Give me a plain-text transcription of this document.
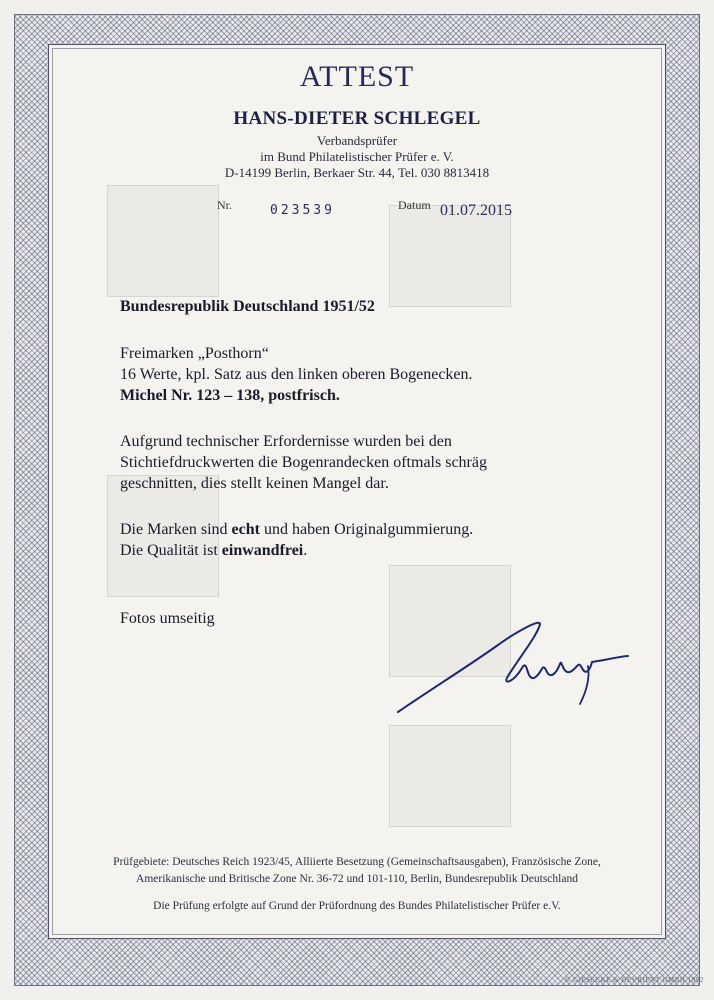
ATTEST
HANS-DIETER SCHLEGEL
Verbandsprüfer
im Bund Philatelistischer Prüfer e. V.
D-14199 Berlin, Berkaer Str. 44, Tel. 030 8813418
Nr.	023539	Datum 01.07.2015
Bundesrepublik Deutschland 1951/52
Freimarken „Posthorn“
16 Werte, kpl. Satz aus den linken oberen Bogenecken.
Michel Nr. 123 – 138, postfrisch.
Aufgrund technischer Erfordernisse wurden bei den
Stichtiefdruckwerten die Bogenrandecken oftmals schräg
geschnitten, dies stellt keinen Mangel dar.
Die Marken sind echt und haben Originalgummierung.
Die Qualität ist einwandfrei.
Fotos umseitig
Prüfgebiete: Deutsches Reich 1923/45, Alliierte Besetzung (Gemeinschaftsausgaben), Französische Zone,
Amerikanische und Britische Zone Nr. 36-72 und 101-110, Berlin, Bundesrepublik Deutschland
Die Prüfung erfolgte auf Grund der Prüfordnung des Bundes Philatelistischer Prüfer e.V.
© GIESECKE & DEVRIENT GMBH 1992
